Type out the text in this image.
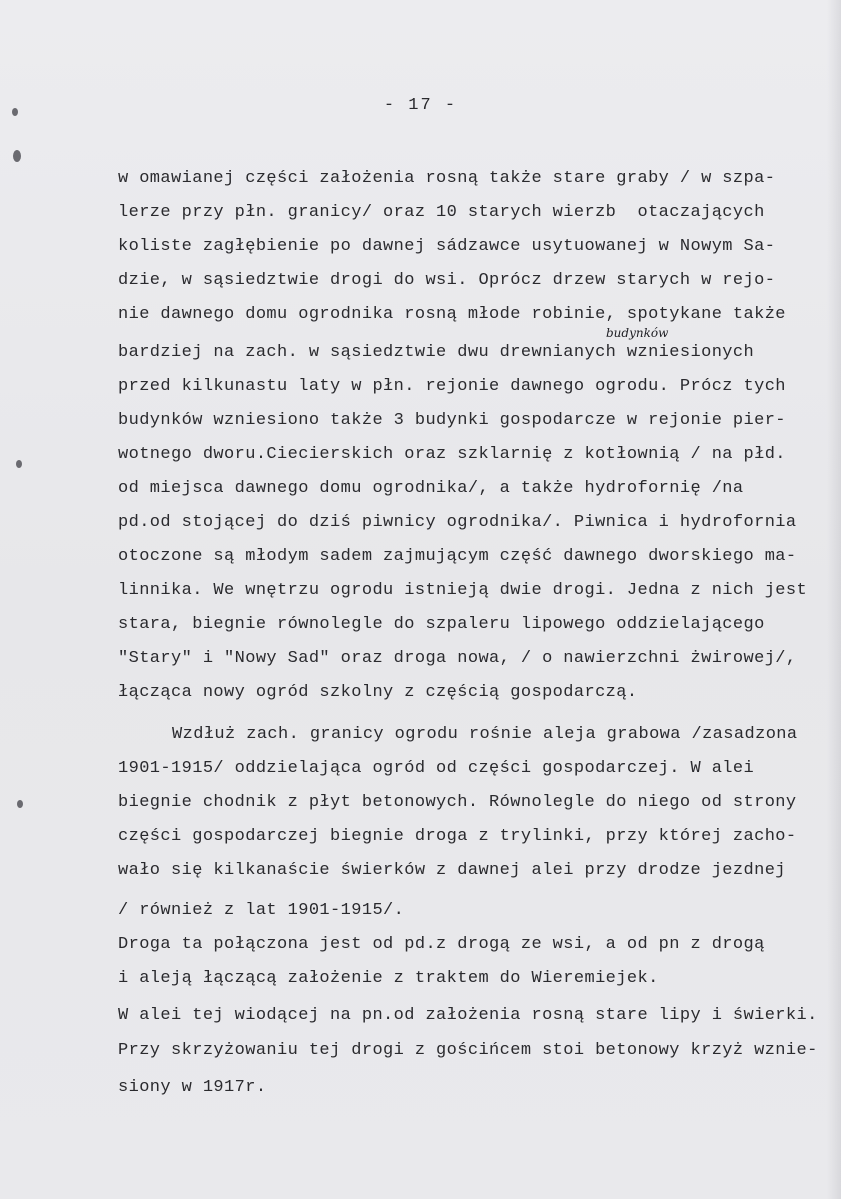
- 17 -
w omawianej części założenia rosną także stare graby / w szpa-
lerze przy płn. granicy/ oraz 10 starych wierzb  otaczających
koliste zagłębienie po dawnej sádzawce usytuowanej w Nowym Sa-
dzie, w sąsiedztwie drogi do wsi. Oprócz drzew starych w rejo-
nie dawnego domu ogrodnika rosną młode robinie, spotykane także
budynków
bardziej na zach. w sąsiedztwie dwu drewnianych wzniesionych
przed kilkunastu laty w płn. rejonie dawnego ogrodu. Prócz tych
budynków wzniesiono także 3 budynki gospodarcze w rejonie pier-
wotnego dworu.Ciecierskich oraz szklarnię z kotłownią / na płd.
od miejsca dawnego domu ogrodnika/, a także hydrofornię /na
pd.od stojącej do dziś piwnicy ogrodnika/. Piwnica i hydrofornia
otoczone są młodym sadem zajmującym część dawnego dworskiego ma-
linnika. We wnętrzu ogrodu istnieją dwie drogi. Jedna z nich jest
stara, biegnie równolegle do szpaleru lipowego oddzielającego
"Stary" i "Nowy Sad" oraz droga nowa, / o nawierzchni żwirowej/,
łącząca nowy ogród szkolny z częścią gospodarczą.
Wzdłuż zach. granicy ogrodu rośnie aleja grabowa /zasadzona
1901-1915/ oddzielająca ogród od części gospodarczej. W alei
biegnie chodnik z płyt betonowych. Równolegle do niego od strony
części gospodarczej biegnie droga z trylinki, przy której zacho-
wało się kilkanaście świerków z dawnej alei przy drodze jezdnej
/ również z lat 1901-1915/.
Droga ta połączona jest od pd.z drogą ze wsi, a od pn z drogą
i aleją łączącą założenie z traktem do Wieremiejek.
W alei tej wiodącej na pn.od założenia rosną stare lipy i świerki.
Przy skrzyżowaniu tej drogi z gościńcem stoi betonowy krzyż wznie-
siony w 1917r.
